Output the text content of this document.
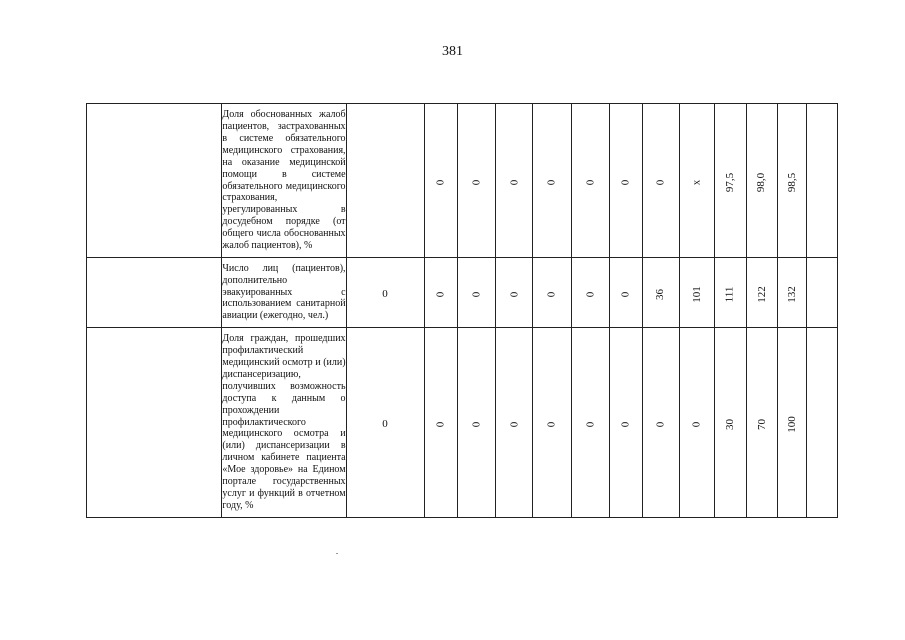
381
	Доля обоснованных жалоб пациентов, застрахованных в системе обязательного медицинского страхования, на оказание медицинской помощи в системе обязательного медицинского страхования, урегулированных в досудебном порядке (от общего числа обоснованных жалоб пациентов), %		0	0	0	0	0	0	0	x	97,5	98,0	98,5	
	Число лиц (пациентов), дополнительно эвакуированных с использованием санитарной авиации (ежегодно, чел.)	0	0	0	0	0	0	0	36	101	111	122	132	
	Доля граждан, прошедших профилактический медицинский осмотр и (или) диспансеризацию, получивших возможность доступа к данным о прохождении профилактического медицинского осмотра и (или) диспансеризации в личном кабинете пациента «Мое здоровье» на Едином портале государственных услуг и функций в отчетном году, %	0	0	0	0	0	0	0	0	0	30	70	100	
